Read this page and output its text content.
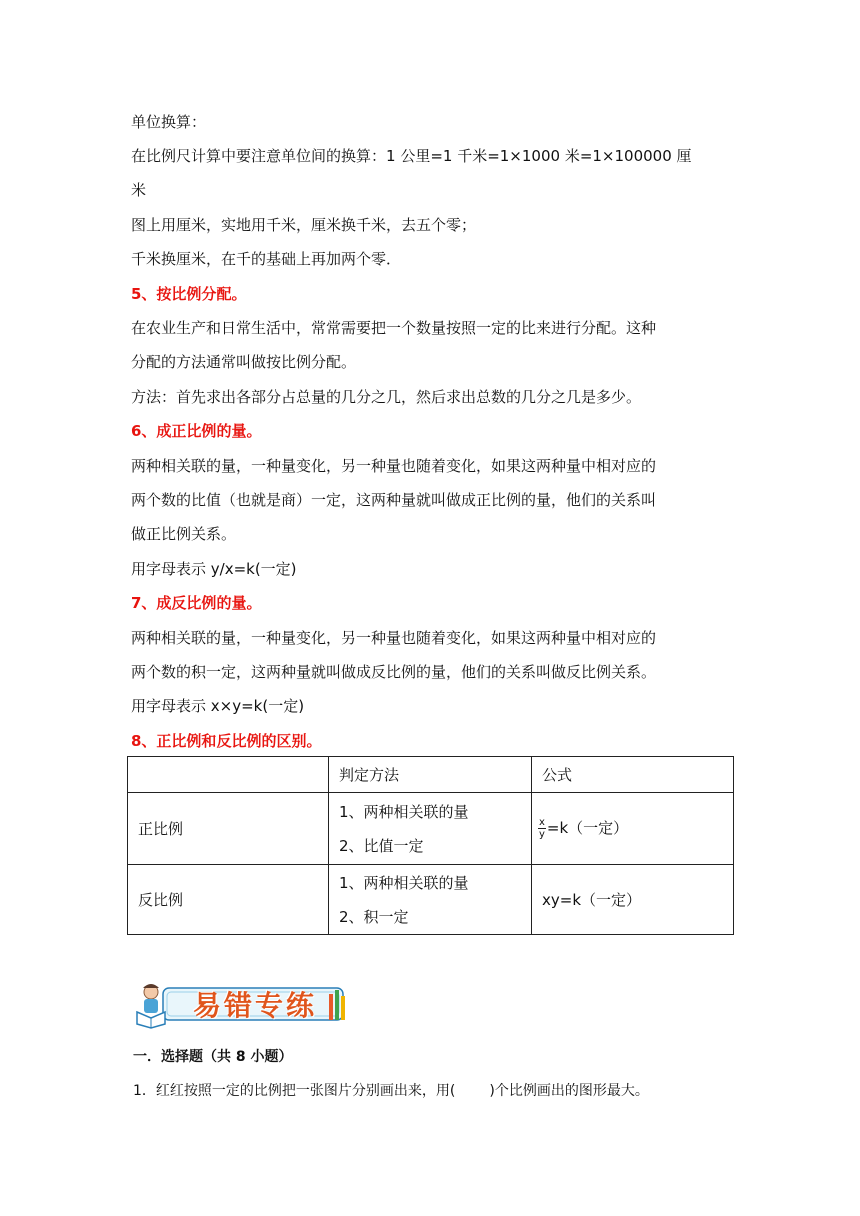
单位换算：
在比例尺计算中要注意单位间的换算：1 公里=1 千米=1×1000 米=1×100000 厘
米
图上用厘米，实地用千米，厘米换千米，去五个零；
千米换厘米，在千的基础上再加两个零．
5、按比例分配。
在农业生产和日常生活中，常常需要把一个数量按照一定的比来进行分配。这种
分配的方法通常叫做按比例分配。
方法：首先求出各部分占总量的几分之几，然后求出总数的几分之几是多少。
6、成正比例的量。
两种相关联的量，一种量变化，另一种量也随着变化，如果这两种量中相对应的
两个数的比值（也就是商）一定，这两种量就叫做成正比例的量，他们的关系叫
做正比例关系。
用字母表示 y/x=k(一定)
7、成反比例的量。
两种相关联的量，一种量变化，另一种量也随着变化，如果这两种量中相对应的
两个数的积一定，这两种量就叫做成反比例的量，他们的关系叫做反比例关系。
用字母表示 x×y=k(一定)
8、正比例和反比例的区别。
	判定方法	公式
正比例	1、两种相关联的量
2、比值一定	$\frac{x}{y} =k$（一定）
反比例	1、两种相关联的量
2、积一定	xy=k（一定）
易错专练
一．选择题（共 8 小题）
1．红红按照一定的比例把一张图片分别画出来，用( )个比例画出的图形最大。
